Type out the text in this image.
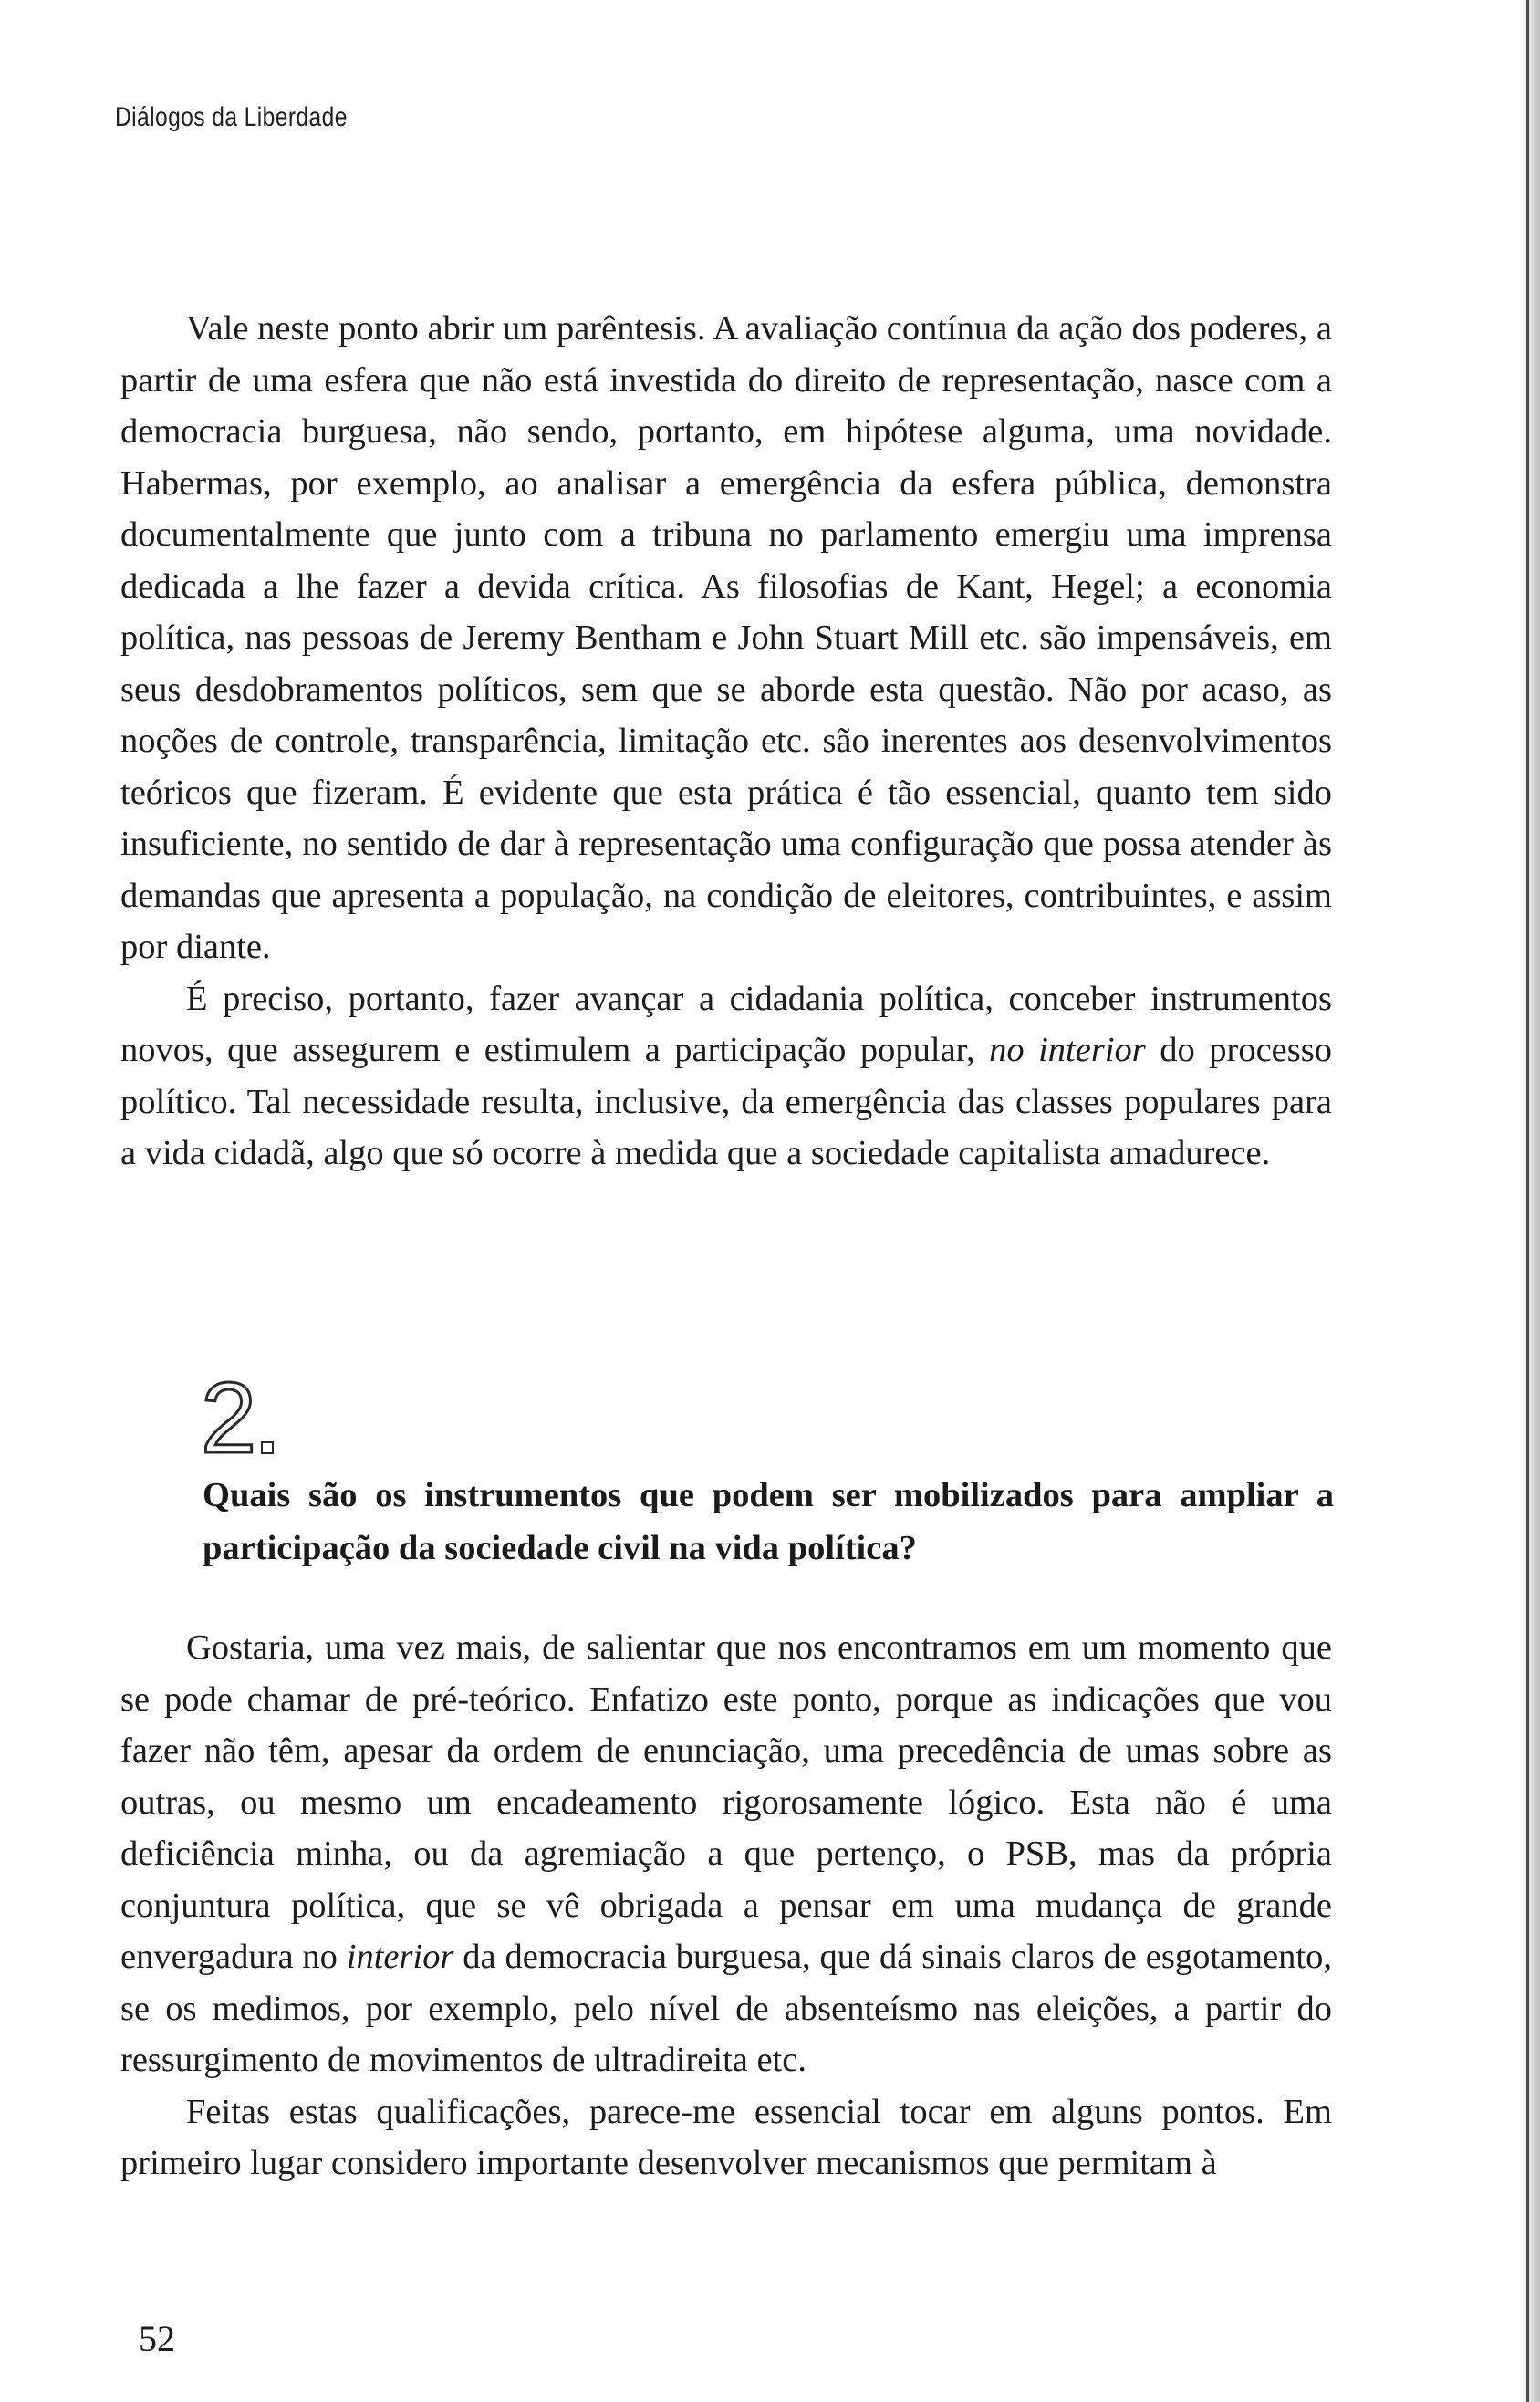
Diálogos da Liberdade

Vale neste ponto abrir um parêntesis. A avaliação contínua da ação dos poderes, a partir de uma esfera que não está investida do direito de representação, nasce com a democracia burguesa, não sendo, portanto, em hipótese alguma, uma novidade. Habermas, por exemplo, ao analisar a emergência da esfera pública, demonstra documentalmente que junto com a tribuna no parlamento emergiu uma imprensa dedicada a lhe fazer a devida crítica. As filosofias de Kant, Hegel; a economia política, nas pessoas de Jeremy Bentham e John Stuart Mill etc. são impensáveis, em seus desdobramentos políticos, sem que se aborde esta questão. Não por acaso, as noções de controle, transparência, limitação etc. são inerentes aos desenvolvimentos teóricos que fizeram. É evidente que esta prática é tão essencial, quanto tem sido insuficiente, no sentido de dar à representação uma configuração que possa atender às demandas que apresenta a população, na condição de eleitores, contribuintes, e assim por diante.

É preciso, portanto, fazer avançar a cidadania política, conceber instrumentos novos, que assegurem e estimulem a participação popular, no interior do processo político. Tal necessidade resulta, inclusive, da emergência das classes populares para a vida cidadã, algo que só ocorre à medida que a sociedade capitalista amadurece.

2
Quais são os instrumentos que podem ser mobilizados para ampliar a participação da sociedade civil na vida política?

Gostaria, uma vez mais, de salientar que nos encontramos em um momento que se pode chamar de pré-teórico. Enfatizo este ponto, porque as indicações que vou fazer não têm, apesar da ordem de enunciação, uma precedência de umas sobre as outras, ou mesmo um encadeamento rigorosamente lógico. Esta não é uma deficiência minha, ou da agremiação a que pertenço, o PSB, mas da própria conjuntura política, que se vê obrigada a pensar em uma mudança de grande envergadura no interior da democracia burguesa, que dá sinais claros de esgotamento, se os medimos, por exemplo, pelo nível de absenteísmo nas eleições, a partir do ressurgimento de movimentos de ultradireita etc.

Feitas estas qualificações, parece-me essencial tocar em alguns pontos. Em primeiro lugar considero importante desenvolver mecanismos que permitam à

52
